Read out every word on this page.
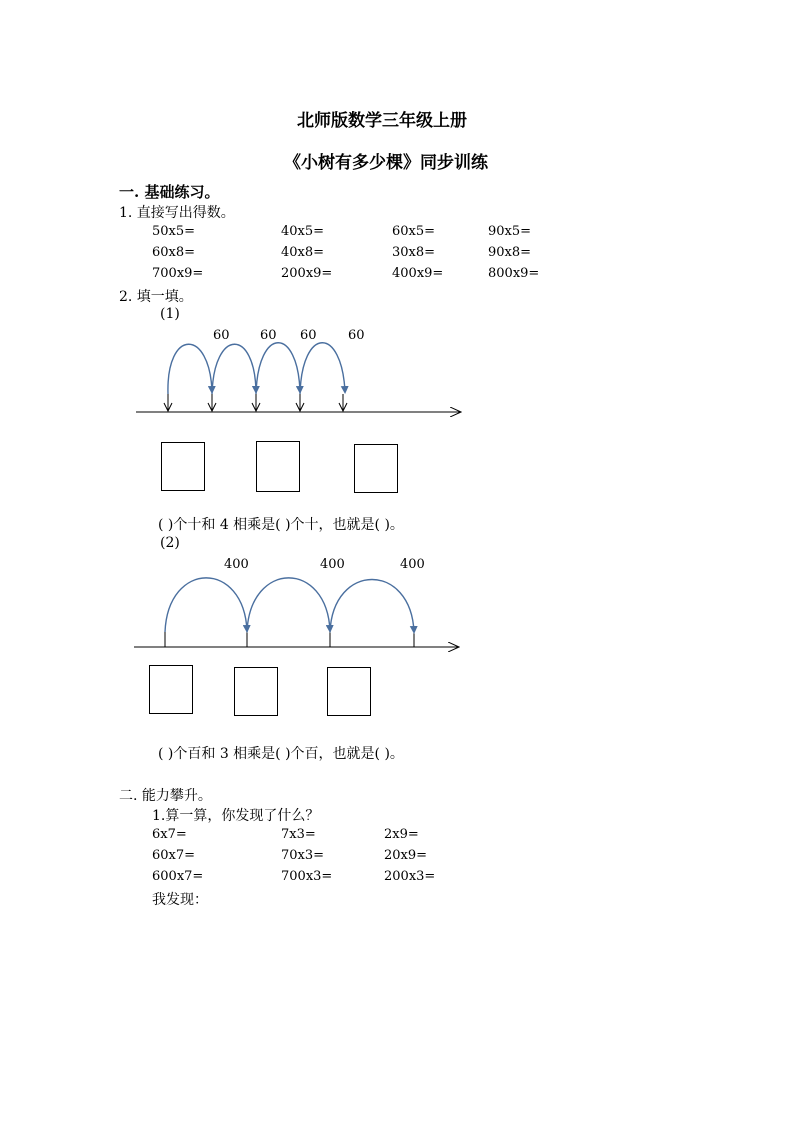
北师版数学三年级上册
《小树有多少棵》同步训练
一. 基础练习。
1. 直接写出得数。
50x5=	40x5=	60x5=	90x5=
60x8=	40x8=	30x8=	90x8=
700x9=	200x9=	400x9=	800x9=
2. 填一填。
(1)
60 60 60 60
( )个十和 4 相乘是( )个十，也就是( )。
(2)
400	400	400
( )个百和 3 相乘是( )个百，也就是( )。
二. 能力攀升。
1.算一算，你发现了什么？
6x7=	7x3=	2x9=
60x7=	70x3=	20x9=
600x7=	700x3=	200x3=
我发现：
